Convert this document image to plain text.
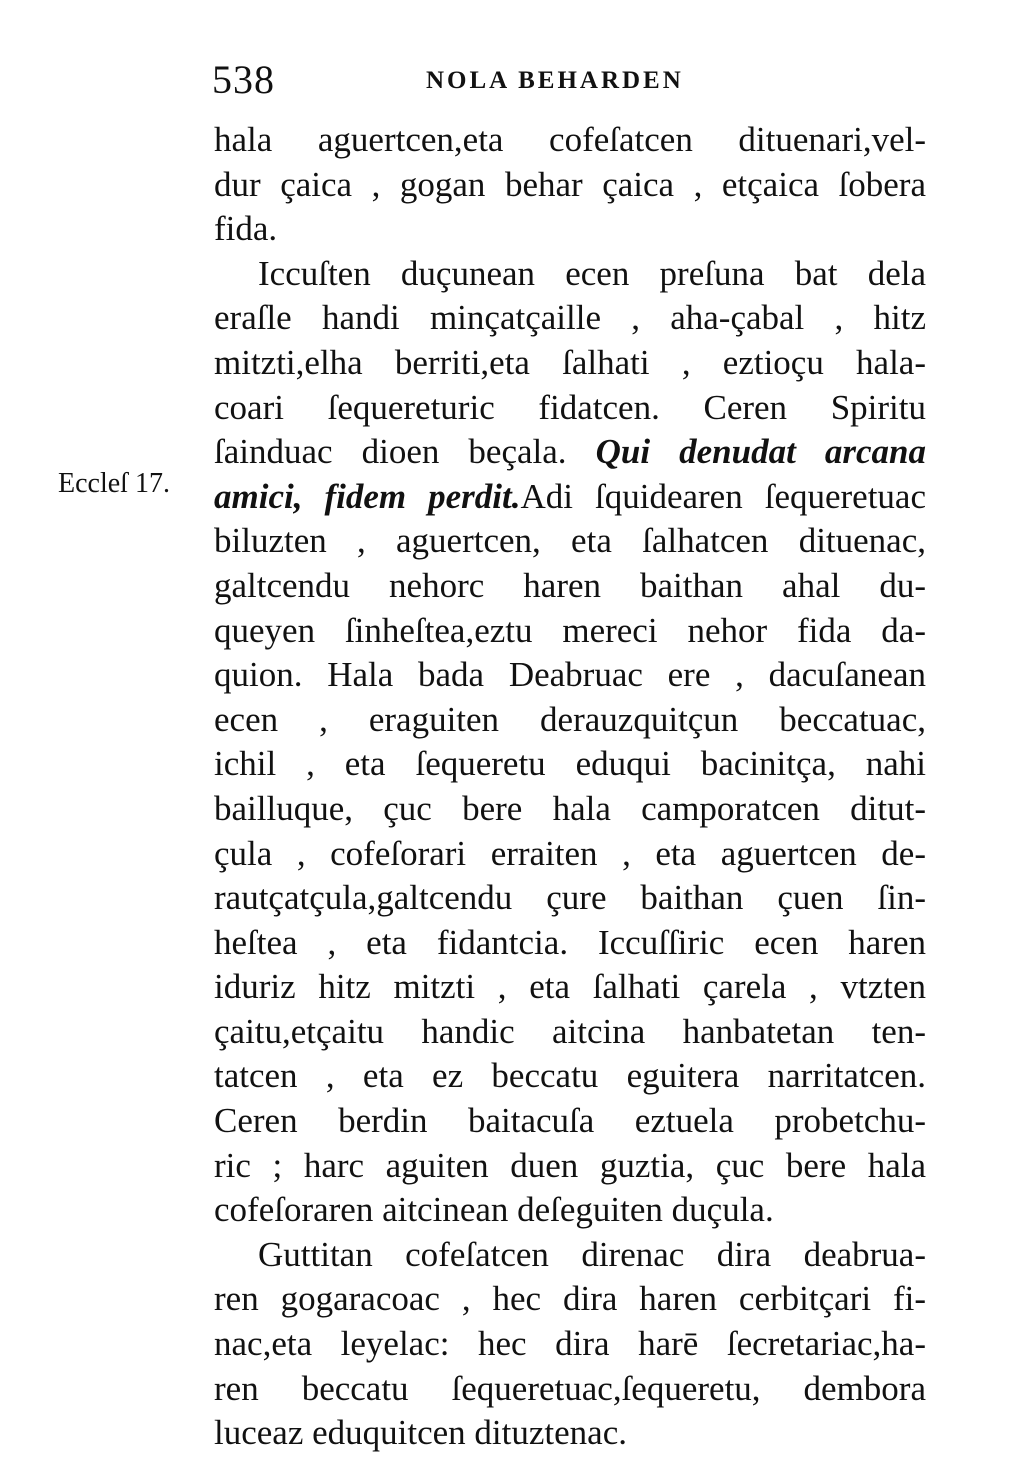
538	NOLA BEHARDEN
Eccleſ 17.
hala aguertcen,eta cofeſatcen dituenari,vel-
dur çaica , gogan behar çaica , etçaica ſobera
fida.
Iccuſten duçunean ecen preſuna bat dela
eraſle handi minçatçaille , aha-çabal , hitz
mitzti,elha berriti,eta ſalhati , eztioçu hala-
coari ſequereturic fidatcen. Ceren Spiritu
ſainduac dioen beçala. Qui denudat arcana
amici, fidem perdit.Adi ſquidearen ſequeretuac
biluzten , aguertcen, eta ſalhatcen dituenac,
galtcendu nehorc haren baithan ahal du-
queyen ſinheſtea,eztu mereci nehor fida da-
quion. Hala bada Deabruac ere , dacuſanean
ecen , eraguiten derauzquitçun beccatuac,
ichil , eta ſequeretu eduqui bacinitça, nahi
bailluque, çuc bere hala camporatcen ditut-
çula , cofeſorari erraiten , eta aguertcen de-
rautçatçula,galtcendu çure baithan çuen ſin-
heſtea , eta fidantcia. Iccuſſiric ecen haren
iduriz hitz mitzti , eta ſalhati çarela , vtzten
çaitu,etçaitu handic aitcina hanbatetan ten-
tatcen , eta ez beccatu eguitera narritatcen.
Ceren berdin baitacuſa eztuela probetchu-
ric ; harc aguiten duen guztia, çuc bere hala
cofeſoraren aitcinean deſeguiten duçula.
Guttitan cofeſatcen direnac dira deabrua-
ren gogaracoac , hec dira haren cerbitçari fi-
nac,eta leyelac: hec dira harē ſecretariac,ha-
ren beccatu ſequeretuac,ſequeretu, dembora
luceaz eduquitcen dituztenac.
